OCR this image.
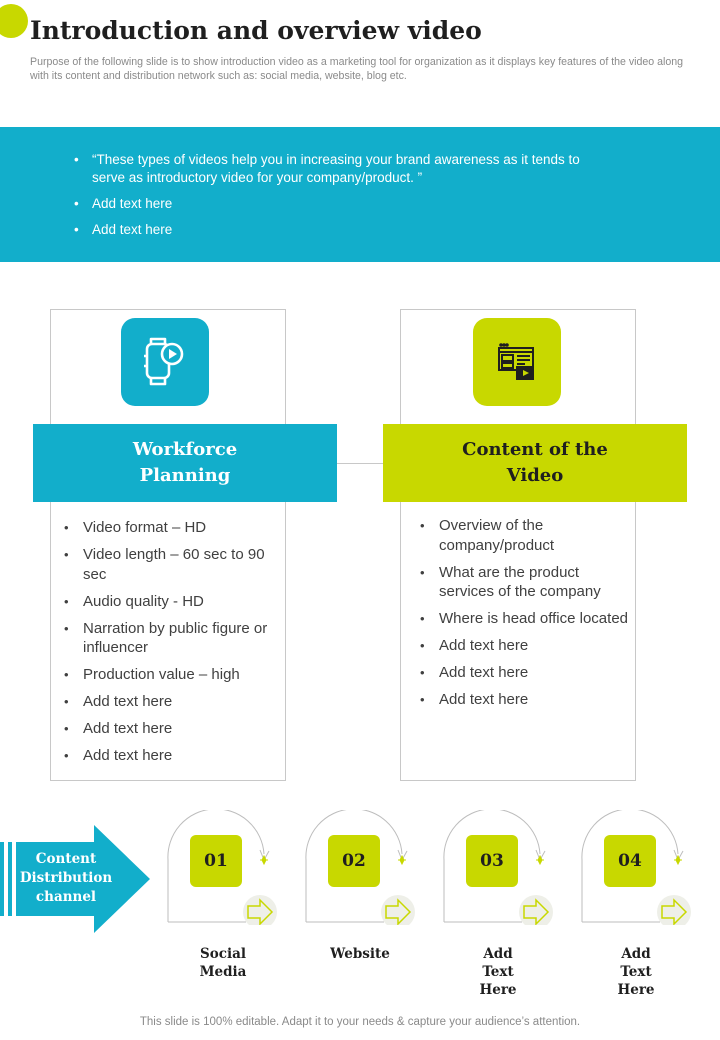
Introduction and overview video

Purpose of the following slide is to show introduction video as a marketing tool for organization as it displays key features of the video along with its content and distribution network such as: social media, website, blog etc.

• “These types of videos help you in increasing your brand awareness as it tends to serve as introductory video for your company/product. ”
• Add text here
• Add text here
Workforce Planning
Content of the Video
• Video format – HD
• Video length – 60 sec to 90 sec
• Audio quality - HD
• Narration by public figure or influencer
• Production value – high
• Add text here
• Add text here
• Add text here
• Overview of the company/product
• What are the product services of the company
• Where is head office located
• Add text here
• Add text here
• Add text here
Content Distribution channel
01	02	03	04
Social Media
Website	Add Text Here
Add Text Here
This slide is 100% editable. Adapt it to your needs & capture your audience’s attention.
